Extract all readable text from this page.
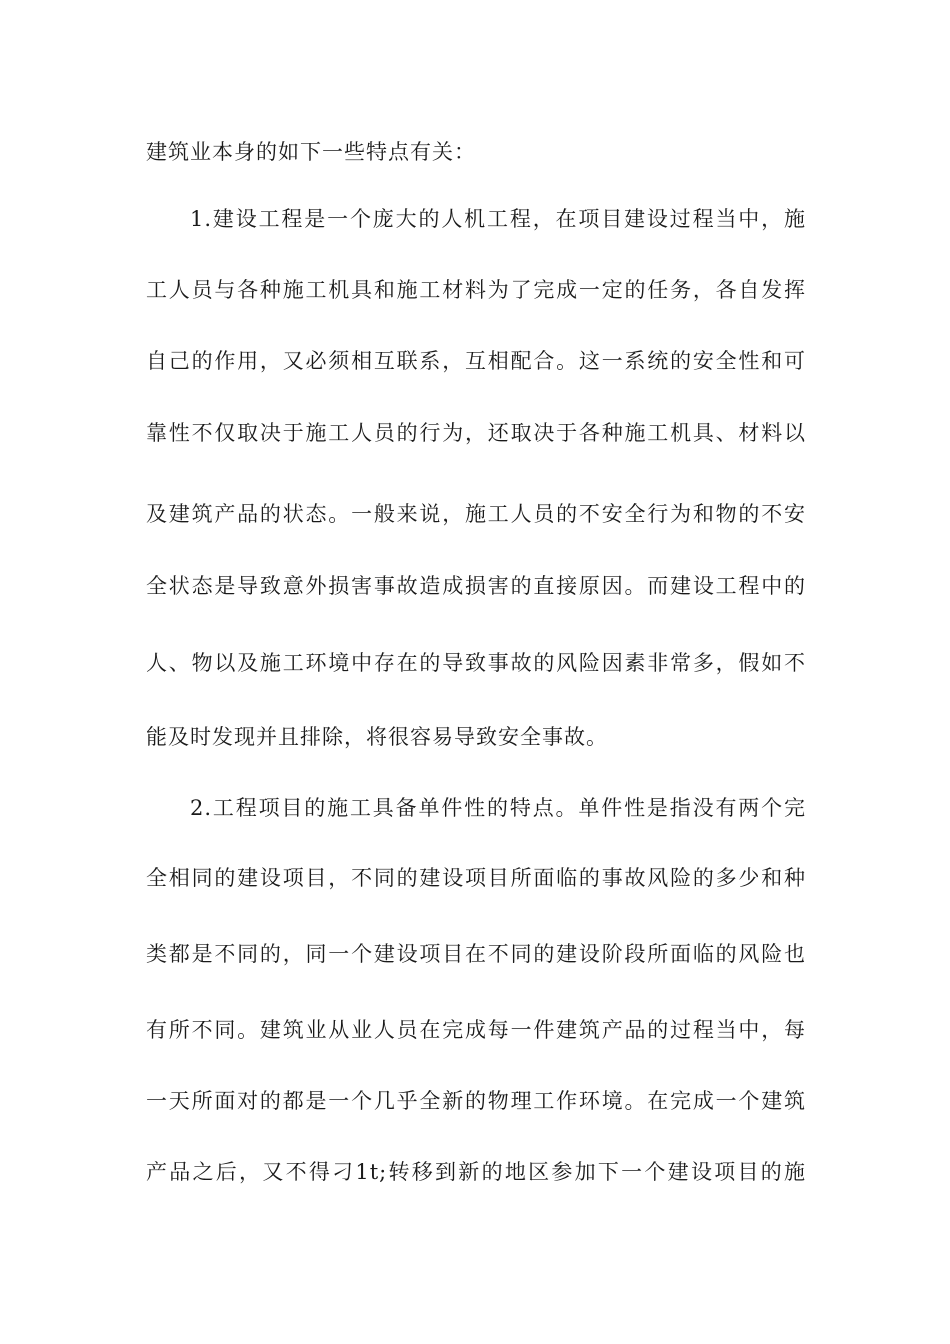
建筑业本身的如下一些特点有关：
1.建设工程是一个庞大的人机工程，在项目建设过程当中，施
工人员与各种施工机具和施工材料为了完成一定的任务，各自发挥
自己的作用，又必须相互联系，互相配合。这一系统的安全性和可
靠性不仅取决于施工人员的行为，还取决于各种施工机具、材料以
及建筑产品的状态。一般来说，施工人员的不安全行为和物的不安
全状态是导致意外损害事故造成损害的直接原因。而建设工程中的
人、物以及施工环境中存在的导致事故的风险因素非常多，假如不
能及时发现并且排除，将很容易导致安全事故。
2.工程项目的施工具备单件性的特点。单件性是指没有两个完
全相同的建设项目，不同的建设项目所面临的事故风险的多少和种
类都是不同的，同一个建设项目在不同的建设阶段所面临的风险也
有所不同。建筑业从业人员在完成每一件建筑产品的过程当中，每
一天所面对的都是一个几乎全新的物理工作环境。在完成一个建筑
产品之后，又不得刁1t;转移到新的地区参加下一个建设项目的施
